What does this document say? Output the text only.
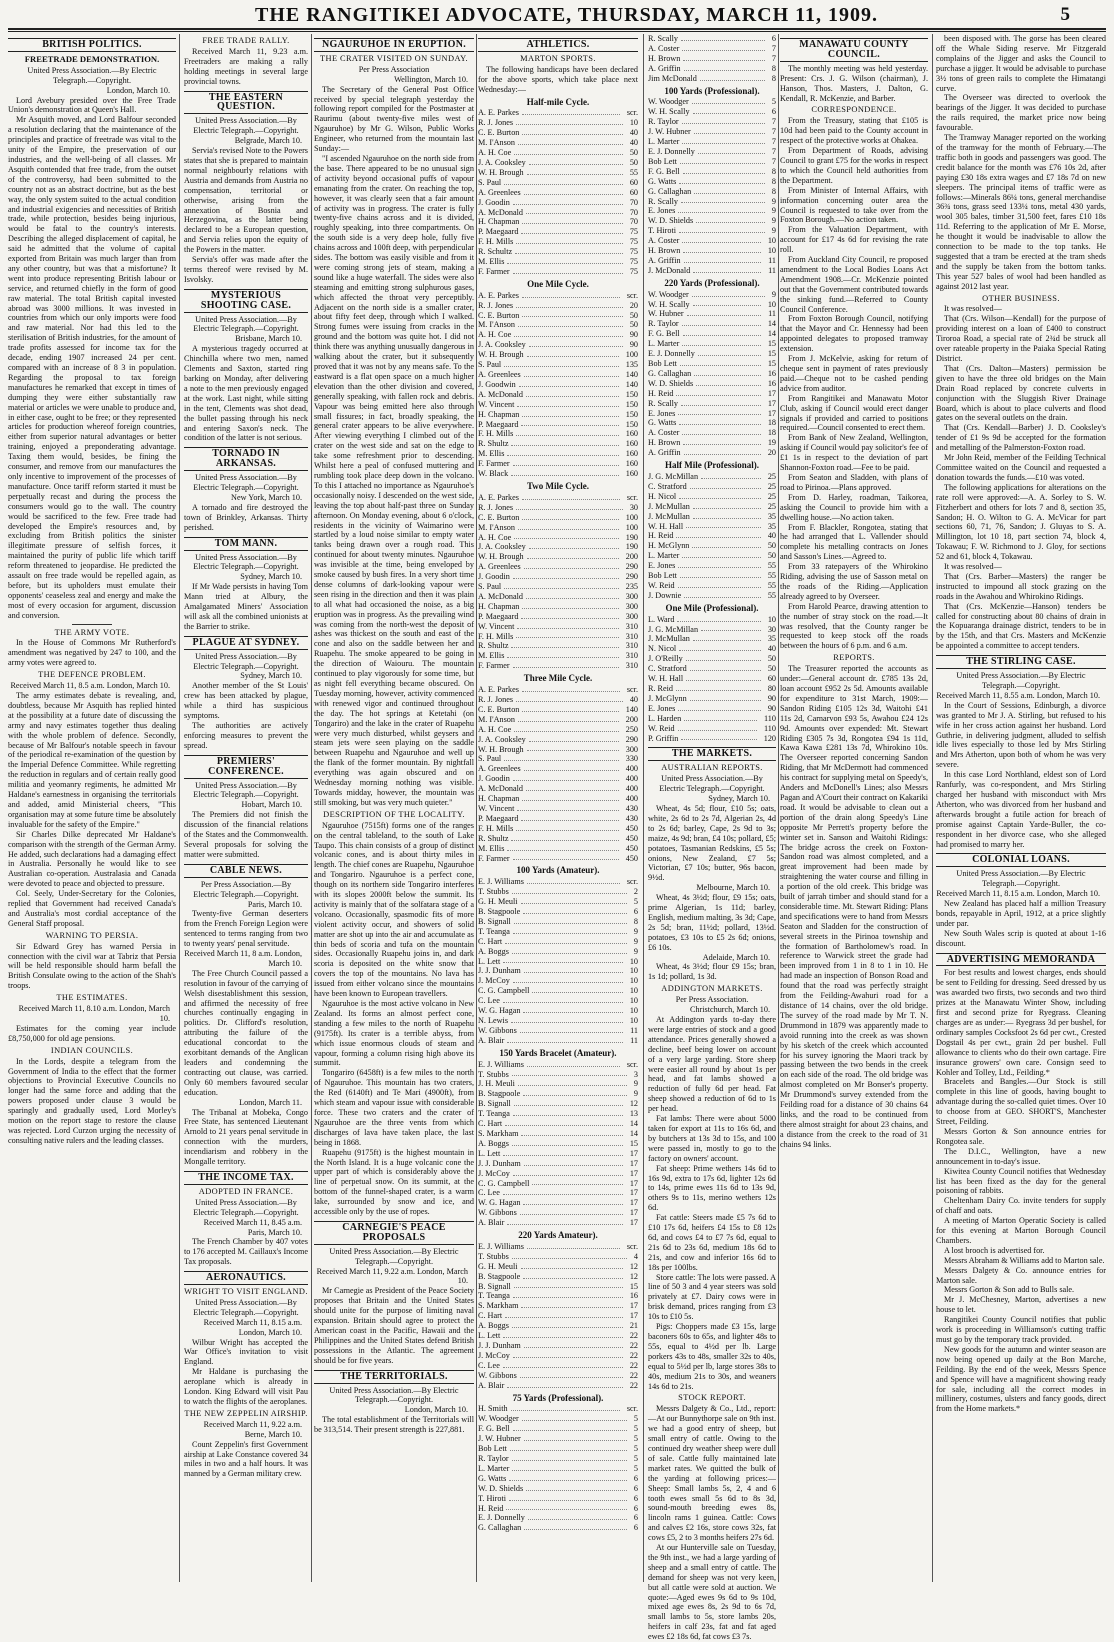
THE RANGITIKEI ADVOCATE, THURSDAY, MARCH 11, 1909.	5
BRITISH POLITICS.
FREETRADE DEMONSTRATION.
United Press Association.—By Electric Telegraph.—Copyright.
London, March 10.

Lord Avebury presided over the Free Trade Union's demonstration at Queen's Hall.

Mr Asquith moved, and Lord Balfour seconded a resolution declaring that the maintenance of the principles and practice of freetrade was vital to the unity of the Empire, the preservation of our industries, and the well-being of all classes. Mr Asquith contended that free trade, from the outset of the controversy, had been submitted to the country not as an abstract doctrine, but as the best way, the only system suited to the actual condition and industrial exigencies and necessities of British trade, while protection, besides being injurious, would be fatal to the country's interests. Describing the alleged displacement of capital, he said he admitted that the volume of capital exported from Britain was much larger than from any other country, but was that a misfortune? It went into produce representing British labour or service, and returned chiefly in the form of good raw material. The total British capital invested abroad was 3000 millions. It was invested in countries from which our only imports were food and raw material. Nor had this led to the sterilisation of British industries, for the amount of trade profits assessed for income tax for the decade, ending 1907 increased 24 per cent. compared with an increase of 8 3 in population. Regarding the proposal to tax foreign manufactures he remarked that except in times of dumping they were either substantially raw material or articles we were unable to produce and, in either case, ought to be free; or they represented articles for production whereof foreign countries, either from superior natural advantages or better training, enjoyed a preponderating advantage. Taxing them would, besides, be fining the consumer, and remove from our manufactures the only incentive to improvement of the processes of manufacture. Once tariff reform started it must be perpetually recast and during the process the consumers would go to the wall. The country would be sacrificed to the few. Free trade had developed the Empire's resources and, by excluding from British politics the sinister illegitimate pressure of selfish forces, it maintained the purity of public life which tariff reform threatened to jeopardise. He predicted the assault on free trade would be repelled again, as before, but its upholders must emulate their opponents' ceaseless zeal and energy and make the most of every occasion for argument, discussion and conversion.

THE ARMY VOTE.

In the House of Commons Mr Rutherford's amendment was negatived by 247 to 100, and the army votes were agreed to.

THE DEFENCE PROBLEM.
Received March 11, 8.5 a.m. London, March 10.

The army estimates debate is revealing, and, doubtless, because Mr Asquith has replied hinted at the possibility at a future date of discussing the army and navy estimates together thus dealing with the whole problem of defence. Secondly, because of Mr Balfour's notable speech in favour of the periodical re-examination of the question by the Imperial Defence Committee. While regretting the reduction in regulars and of certain really good militia and yeomanry regiments, he admitted Mr Haldane's earnestness in organising the territorials and added, amid Ministerial cheers, "This organisation may at some future time be absolutely invaluable for the safety of the Empire."

Sir Charles Dilke deprecated Mr Haldane's comparison with the strength of the German Army. He added, such declarations had a damaging effect in Australia. Personally he would like to see Australian co-operation. Australasia and Canada were devoted to peace and objected to pressure.

Col. Seely, Under-Secretary for the Colonies, replied that Government had received Canada's and Australia's most cordial acceptance of the General Staff proposal.

WARNING TO PERSIA.

Sir Edward Grey has warned Persia in connection with the civil war at Tabriz that Persia will be held responsible should harm befall the British Consulate owing to the action of the Shah's troops.

THE ESTIMATES.
Received March 11, 8.10 a.m. London, March 10.

Estimates for the coming year include £8,750,000 for old age pensions.

INDIAN COUNCILS.

In the Lords, despite a telegram from the Government of India to the effect that the former objections to Provincial Executive Councils no longer had the same force and adding that the powers proposed under clause 3 would be sparingly and gradually used, Lord Morley's motion on the report stage to restore the clause was rejected. Lord Curzon urging the necessity of consulting native rulers and the leading classes.

FREE TRADE RALLY.

Received March 11, 9.23 a.m. Freetraders are making a rally holding meetings in several large provincial towns.

THE EASTERN QUESTION.
United Press Association.—By Electric Telegraph.—Copyright.
Belgrade, March 10.

Servia's revised Note to the Powers states that she is prepared to maintain normal neighbourly relations with Austria and demands from Austria no compensation, territorial or otherwise, arising from the annexation of Bosnia and Herzegovina, as the latter being declared to be a European question, and Servia relies upon the equity of the Powers in the matter.

Servia's offer was made after the terms thereof were revised by M. Isvolsky.

MYSTERIOUS SHOOTING CASE.
United Press Association.—By Electric Telegraph.—Copyright.
Brisbane, March 10.

A mysterious tragedy occurred at Chinchilla where two men, named Clements and Saxton, started ring barking on Monday, after delivering a note to the men previously engaged at the work. Last night, while sitting in the tent, Clements was shot dead, the bullet passing through his neck and entering Saxon's neck. The condition of the latter is not serious.

TORNADO IN ARKANSAS.
United Press Association.—By Electric Telegraph.—Copyright.
New York, March 10.

A tornado and fire destroyed the town of Brinkley, Arkansas. Thirty perished.

TOM MANN.
United Press Association.—By Electric Telegraph.—Copyright.
Sydney, March 10.

If Mr Wade persists in having Tom Mann tried at Albury, the Amalgamated Miners' Association will ask all the combined unionists at the Barrier to strike.

PLAGUE AT SYDNEY.
United Press Association.—By Electric Telegraph.—Copyright.
Sydney, March 10.

Another member of the St Louis' crew has been attacked by plague, while a third has suspicious symptoms.

The authorities are actively enforcing measures to prevent the spread.

PREMIERS' CONFERENCE.
United Press Association.—By Electric Telegraph.—Copyright.
Hobart, March 10.

The Premiers did not finish the discussion of the financial relations of the States and the Commonwealth. Several proposals for solving the matter were submitted.

CABLE NEWS.
Per Press Association.—By Electric Telegraph.—Copyright.
Paris, March 10.

Twenty-five German deserters from the French Foreign Legion were sentenced to terms ranging from two to twenty years' penal servitude.

Received March 11, 8 a.m. London, March 10.

The Free Church Council passed a resolution in favour of the carrying of Welsh disestablishment this session, and affirmed the necessity of free churches continually engaging in politics. Dr. Clifford's resolution, attributing the failure of the educational concordat to the exorbitant demands of the Anglican leaders and condemning the contracting out clause, was carried. Only 60 members favoured secular education.

London, March 11.

The Tribanal at Mobeka, Congo Free State, has sentenced Lieutenant Arnold to 21 years penal servitude in connection with the murders, incendiarism and robbery in the Mongalle territory.

THE INCOME TAX.
ADOPTED IN FRANCE.
United Press Association.—By Electric Telegraph.—Copyright.
Received March 11, 8.45 a.m. Paris, March 10.

The French Chamber by 407 votes to 176 accepted M. Caillaux's Income Tax proposals.

AERONAUTICS.
WRIGHT TO VISIT ENGLAND.
United Press Association.—By Electric Telegraph.—Copyright.
Received March 11, 8.15 a.m. London, March 10.

Wilbur Wright has accepted the War Office's invitation to visit England.

Mr Haldane is purchasing the aeroplane which is already in London. King Edward will visit Pau to watch the flights of the aeroplanes.

THE NEW ZEPPELIN AIRSHIP.
Received March 11, 9.22 a.m. Berne, March 10.

Count Zeppelin's first Government airship at Lake Constance covered 34 miles in two and a half hours. It was manned by a German military crew.

NGAURUHOE IN ERUPTION.
THE CRATER VISITED ON SUNDAY.
Per Press Association
Wellington, March 10.

The Secretary of the General Post Office received by special telegraph yesterday the following report compiled for the Postmaster at Raurimu (about twenty-five miles west of Ngauruhoe) by Mr G. Wilson, Public Works Engineer, who returned from the mountain last Sunday:—

"I ascended Ngauruhoe on the north side from the base. There appeared to be no unusual sign of activity beyond occasional puffs of vapour emanating from the crater. On reaching the top, however, it was clearly seen that a fair amount of activity was in progress. The crater is fully twenty-five chains across and it is divided, roughly speaking, into three compartments. On the south side is a very deep hole, fully five chains across and 100ft deep, with perpendicular sides. The bottom was easily visible and from it were coming strong jets of steam, making a sound like a huge waterfall. The sides were also steaming and emitting strong sulphurous gases, which affected the throat very perceptibly. Adjacent on the north side is a smaller crater, about fifty feet deep, through which I walked. Strong fumes were issuing from cracks in the ground and the bottom was quite hot. I did not think there was anything unusually dangerous in walking about the crater, but it subsequently proved that it was not by any means safe. To the eastward is a flat open space on a much higher elevation than the other division and covered, generally speaking, with fallen rock and debris. Vapour was being emitted here also through small fissures; in fact, broadly speaking, the general crater appears to be alive everywhere. After viewing everything I climbed out of the crater on the west side and sat on the edge to take some refreshment prior to descending. Whilst here a peal of confused muttering and rumbling took place deep down in the volcano. To this I attached no importance as Ngauruhoe's occasionally noisy. I descended on the west side, leaving the top about half-past three on Sunday afternoon. On Monday evening, about 6 o'clock, residents in the vicinity of Waimarino were startled by a loud noise similar to empty water tanks being drawn over a rough road. This continued for about twenty minutes. Ngauruhoe was invisible at the time, being enveloped by smoke caused by bush fires. In a very short time dense columns of dark-looking vapour were seen rising in the direction and then it was plain to all what had occasioned the noise, as a big eruption was in progress. As the prevailing wind was coming from the north-west the deposit of ashes was thickest on the south and east of the cone and also on the saddle between her and Ruapehu. The smoke appeared to be going in the direction of Waiouru. The mountain continued to play vigorously for some time, but as night fell everything became obscured. On Tuesday morning, however, activity commenced with renewed vigor and continued throughout the day. The hot springs at Ketetahi (on Tongariro) and the lake in the crater of Ruapehu were very much disturbed, whilst geysers and steam jets were seen playing on the saddle between Ruapehu and Ngauruhoe and well up the flank of the former mountain. By nightfall everything was again obscured and on Wednesday morning nothing was visible. Towards midday, however, the mountain was still smoking, but was very much quieter."

DESCRIPTION OF THE LOCALITY.

Ngauruhoe (7515ft) forms one of the ranges on the central tableland, to the south of Lake Taupo. This chain consists of a group of distinct volcanic cones, and is about thirty miles in length. The chief cones are Ruapehu, Ngauruhoe and Tongariro. Ngauruhoe is a perfect cone, though on its northern side Tongariro interferes with its slopes 2000ft below the summit. Its activity is mainly that of the solfatara stage of a volcano. Occasionally, spasmodic fits of more violent activity occur, and showers of solid matter are shot up into the air and accumulate as thin beds of scoria and tufa on the mountain sides. Occasionally Ruapehu joins in, and dark scoria is deposited on the white snow that covers the top of the mountains. No lava has issued from either volcano since the mountains have been known to European travellers.

Ngauruhoe is the most active volcano in New Zealand. Its forms an almost perfect cone, standing a few miles to the north of Ruapehu (9175ft). Its crater is a terrible abyss, from which issue enormous clouds of steam and vapour, forming a column rising high above its summit.

Tongariro (6458ft) is a few miles to the north of Ngauruhoe. This mountain has two craters, the Red (6140ft) and Te Mari (4900ft), from which steam and vapour issue with considerable force. These two craters and the crater of Ngauruhoe are the three vents from which discharges of lava have taken place, the last being in 1868.

Ruapehu (9175ft) is the highest mountain in the North Island. It is a huge volcanic cone the upper part of which is considerably above the line of perpetual snow. On its summit, at the bottom of the funnel-shaped crater, is a warm lake, surrounded by snow and ice, and accessible only by the use of ropes.

CARNEGIE'S PEACE PROPOSALS
United Press Association.—By Electric Telegraph.—Copyright.
Received March 11, 9.22 a.m. London, March 10.

Mr Carnegie as President of the Peace Society proposes that Britain and the United States should unite for the purpose of limiting naval expansion. Britain should agree to protect the American coast in the Pacific, Hawaii and the Philippines and the United States defend British possessions in the Atlantic. The agreement should be for five years.

THE TERRITORIALS.
United Press Association.—By Electric Telegraph.—Copyright.
London, March 10.

The total establishment of the Territorials will be 313,514. Their present strength is 227,881.

ATHLETICS.
MARTON SPORTS.

The following handicaps have been declared for the above sports, which take place next Wednesday:—

Half-mile Cycle.
A. E. Parkes	scr.
R. J. Jones	10
C. E. Burton	40
M. I'Anson	40
A. H. Coe	50
J. A. Cooksley	50
W. H. Brough	55
S. Paul	60
A. Greenlees	60
J. Goodin	70
A. McDonald	70
H. Chapman	70
P. Maegaard	75
F. H. Mills	75
R. Schultz	75
M. Ellis	75
F. Farmer	75
One Mile Cycle.
A. E. Parkes	scr.
R. J. Jones	20
C. E. Burton	50
M. I'Anson	50
A. H. Coe	90
J. A. Cooksley	90
W. H. Brough	100
S. Paul	135
A. Greenlees	140
J. Goodwin	140
A. McDonald	150
W. Vincent	150
H. Chapman	150
P. Maegaard	150
F. H. Mills	160
R. Shultz	160
M. Ellis	160
F. Farmer	160
W. Black	160
Two Mile Cycle.
A. E. Parkes	scr.
R. J. Jones	30
C. E. Burton	100
M. I'Anson	100
A. H. Coe	190
J. A. Cooksley	190
W. H. Brough	200
A. Greenlees	290
J. Goodin	290
S. Paul	235
A. McDonald	300
H. Chapman	300
P. Maegaard	300
W. Vincent	310
F. H. Mills	310
R. Shultz	310
M. Ellis	310
F. Farmer	310
Three Mile Cycle.
A. E. Parkes	scr.
R. J. Jones	40
C. E. Burton	140
M. I'Anson	200
A. H. Coe	250
J. A. Cooksley	290
W. H. Brough	300
S. Paul	330
A. Greenlees	400
J. Goodin	400
A. McDonald	400
H. Chapman	400
W. Vincent	430
P. Maegaard	430
F. H. Mills	450
R. Shultz	450
M. Ellis	450
F. Farmer	450
100 Yards (Amateur).
E. J. Williams	scr.
T. Stubbs	2
G. H. Meuli	5
B. Stagpoole	6
B. Signall	8
T. Teanga	9
C. Hart	9
A. Boggs	9
L. Lett	10
J. J. Dunham	10
J. McCoy	10
C. G. Campbell	10
C. Lee	10
W. G. Hagan	10
N. Lewis	10
W. Gibbons	11
A. Blair	11
150 Yards Bracelet (Amateur).
E. J. Williams	scr.
T. Stubbs	3
J. H. Meuli	9
B. Stagpoole	9
B. Signall	12
T. Teanga	13
C. Hart	14
S. Markham	14
A. Boggs	15
L. Lett	17
J. J. Dunham	17
J. McCoy	17
C. G. Campbell	17
C. Lee	17
W. G. Hagan	17
W. Gibbons	17
A. Blair	17
220 Yards Amateur).
E. J. Williams	scr.
T. Stubbs	4
G. H. Meuli	12
B. Stagpoole	12
B. Signall	15
T. Teanga	16
S. Markham	17
C. Hart	17
A. Boggs	21
L. Lett	22
J. J. Dunham	22
J. McCoy	22
C. Lee	22
W. Gibbons	22
A. Blair	22
75 Yards (Professional).
H. Smith	scr.
W. Woodger	5
F. G. Bell	5
J. W. Hubner	5
Bob Lett	5
R. Taylor	5
L. Marter	5
G. Watts	6
W. D. Shields	6
T. Hiroti	6
H. Reid	6
E. J. Donnelly	6
G. Callaghan	6
R. Scally	6
A. Coster	7
H. Brown	7
A. Griffin	8
Jim McDonald	8
100 Yards (Professional).
W. Woodger	5
W. H. Scally	6
R. Taylor	7
J. W. Hubner	7
L. Marter	7
E. J. Donnelly	7
Bob Lett	7
F. G. Bell	8
G. Watts	8
G. Callaghan	8
R. Scally	9
E. Jones	9
W. D. Shields	9
T. Hiroti	9
A. Coster	10
H. Brown	10
A. Griffin	11
J. McDonald	11
220 Yards (Professional).
W. Woodger	9
W. H. Scally	10
W. Hubner	11
R. Taylor	14
F. G. Bell	14
L. Marter	15
E. J. Donnelly	15
Bob Lett	15
G. Callaghan	16
W. D. Shields	16
H. Reid	17
R. Scally	17
E. Jones	17
G. Watts	18
A. Coster	18
H. Brown	19
A. Griffin	20
Half Mile (Professional).
J. G. McMillan	25
C. Stratford	25
H. Nicol	25
J. McMullan	25
J. McMullan	35
W. H. Hall	35
H. Reid	40
H. McGlynn	50
L. Marter	50
E. Jones	55
Bob Lett	55
W. Reid	55
J. Downie	55
One Mile (Professional).
L. Ward	10
J. G. McMillan	30
J. McMullan	35
N. Nicol	40
J. O'Reilly	50
C. Stratford	50
W. H. Hall	60
R. Reid	80
J. McGlynn	90
E. Jones	90
L. Harden	110
W. Reid	110
P. Griffin	120
THE MARKETS.
AUSTRALIAN REPORTS.
United Press Association.—By Electric Telegraph.—Copyright.
Sydney, March 10.

Wheat, 4s 5d; flour, £10 5s; oats, white, 2s 6d to 2s 7d, Algerian 2s, 4d to 2s 6d; barley, Cape, 2s 9d to 3s; maize, 4s 9d; bran, £4 10s; pollard, £5; potatoes, Tasmanian Redskins, £5 5s; onions, New Zealand, £7 5s; Victorian, £7 10s; butter, 96s bacon, 9½d.

Melbourne, March 10.

Wheat, 4s 3½d; flour, £9 15s; oats, prime Algerian, 1s 11d; barley, English, medium malting, 3s 3d; Cape, 2s 5d; bran, 11½d; pollard, 13½d. potatoes, £3 10s to £5 2s 6d; onions, £6 10s.

Adelaide, March 10.

Wheat, 4s 3½d; flour £9 15s; bran, 1s 1d; pollard, 1s 3d.

ADDINGTON MARKETS.
Per Press Association.
Christchurch, March 10.

At Addington yards to-day there were large entries of stock and a good attendance. Prices generally showed a decline, beef being lower on account of a very large yarding. Store sheep were easier all round by about 1s per head, and fat lambs showed a reduction of fully 6d per head. Fat sheep showed a reduction of 6d to 1s per head.

Fat lambs: There were about 5000 taken for export at 11s to 16s 6d, and by butchers at 13s 3d to 15s, and 100 were passed in, mostly to go to the factory on owners' account.

Fat sheep: Prime wethers 14s 6d to 16s 9d, extra to 17s 6d, lighter 12s 6d to 14s, prime ewes 11s 6d to 13s 9d, others 9s to 11s, merino wethers 12s 6d.

Fat cattle: Steers made £5 7s 6d to £10 17s 6d, heifers £4 15s to £8 12s 6d, and cows £4 to £7 7s 6d, equal to 21s 6d to 23s 6d, medium 18s 6d to 21s, and cow and inferior 16s 6d to 18s per 100lbs.

Store cattle: The lots were passed. A line of 50 3 and 4 year steers was sold privately at £7. Dairy cows were in brisk demand, prices ranging from £3 10s to £10 5s.

Pigs: Choppers made £3 15s, large baconers 60s to 65s, and lighter 48s to 55s, equal to 4½d per lb. Large porkers 43s to 48s, smaller 32s to 40s, equal to 5½d per lb, large stores 38s to 40s, medium 21s to 30s, and weaners 14s 6d to 21s.

STOCK REPORT.

Messrs Dalgety & Co., Ltd., report:—At our Bunnythorpe sale on 9th inst. we had a good entry of sheep, but small entry of cattle. Owing to the continued dry weather sheep were dull of sale. Cattle fully maintained late market rates. We quitted the bulk of the yarding at following prices:—Sheep: Small lambs 5s, 2, 4 and 6 tooth ewes small 5s 6d to 8s 3d, sound-mouth breeding ewes 8s, lincoln rams 1 guinea. Cattle: Cows and calves £2 16s, store cows 32s, fat cows £5, 2 to 3 months heifers 27s 6d.

At our Hunterville sale on Tuesday, the 9th inst., we had a large yarding of sheep and a small entry of cattle. The demand for sheep was not very keen, but all cattle were sold at auction. We quote:—Aged ewes 9s 6d to 9s 10d, mixed age ewes 8s, 2s 9d to 6s 7d, small lambs to 5s, store lambs 20s, heifers in calf 23s, fat and fat aged ewes £2 18s 6d, fat cows £3 7s.

MANAWATU COUNTY COUNCIL.

The monthly meeting was held yesterday. Present: Crs. J. G. Wilson (chairman), J. Hanson, Thos. Masters, J. Dalton, G. Kendall, R. McKenzie, and Barber.

CORRESPONDENCE.

From the Treasury, stating that £105 is 10d had been paid to the County account in respect of the protective works at Ohakea.

From Department of Roads, advising Council to grant £75 for the works in respect to which the Council held authorities from the Department.

From Minister of Internal Affairs, with information concerning outer area the Council is requested to take over from the Foxton Borough.—No action taken.

From the Valuation Department, with account for £17 4s 6d for revising the rate roll.

From Auckland City Council, re proposed amendment to the Local Bodies Loans Act Amendment 1908.—Cr. McKenzie pointed out that the Government contributed towards the sinking fund.—Referred to County Council Conference.

From Foxton Borough Council, notifying that the Mayor and Cr. Hennessy had been appointed delegates to proposed tramway extension.

From J. McKelvie, asking for return of cheque sent in payment of rates previously paid.—Cheque not to be cashed pending advice from auditor.

From Rangitikei and Manawatu Motor Club, asking if Council would erect danger signals if provided and carried to positions required.—Council consented to erect them.

From Bank of New Zealand, Wellington, asking if Council would pay solicitor's fee of £1 1s in respect to the deviation of part Shannon-Foxton road.—Fee to be paid.

From Seaton and Sladden, with plans of road to Pirinoa.—Plans approved.

From D. Harley, roadman, Taikorea, asking the Council to provide him with a dwelling house.—No action taken.

From F. Blackler, Rongotea, stating that he had arranged that L. Vallender should complete his metalling contracts on Jones and Sasson's Lines.—Agreed to.

From 33 ratepayers of the Whirokino Riding, advising the use of Sasson metal on the roads of the Riding.—Application already agreed to by Overseer.

From Harold Pearce, drawing attention to the number of stray stock on the road.—It was resolved, that the County ranger be requested to keep stock off the roads between the hours of 6 p.m. and 6 a.m.

REPORTS.

The Treasurer reported the accounts as under:—General account dr. £785 13s 2d, loan account £952 2s 5d. Amounts available for expenditure to 31st March, 1909:—Sandon Riding £105 12s 3d, Waitohi £41 11s 2d, Carnarvon £93 5s, Awahou £24 12s 9d. Amounts over expended: Mt. Stewart Riding £305 7s 3d, Rongotea £94 1s 11d, Kawa Kawa £281 13s 7d, Whirokino 10s. The Overseer reported concerning Sandon Riding, that Mr McDermott had commenced his contract for supplying metal on Speedy's, Anders and McDonell's Lines; also Messrs Pagan and A'Court their contract on Kakariki road. It would be advisable to clean out a portion of the drain along Speedy's Line opposite Mr Perrett's property before the winter set in. Sanson and Waitohi Ridings: The bridge across the creek on Foxton-Sandon road was almost completed, and a great improvement had been made by straightening the water course and filling in a portion of the old creek. This bridge was built of jarrah timber and should stand for a considerable time. Mt. Stewart Riding: Plans and specifications were to hand from Messrs Seaton and Sladden for the construction of several streets in the Pirinoa township and the formation of Bartholomew's road. In reference to Warwick street the grade had been improved from 1 in 8 to 1 in 10. He had made an inspection of Bonson Road and found that the road was perfectly straight from the Feilding-Awahuri road for a distance of 14 chains, over the old bridge. The survey of the road made by Mr T. N. Drummond in 1879 was apparently made to avoid running into the creek as was shown by his sketch of the creek which accounted for his survey ignoring the Maori track by passing between the two bends in the creek on each side of the road. The old bridge was almost completed on Mr Bonser's property. Mr Drummond's survey extended from the Feilding road for a distance of 30 chains 64 links, and the road to be continued from there almost straight for about 23 chains, and a distance from the creek to the road of 31 chains 94 links.

been disposed with. The gorse has been cleared off the Whale Siding reserve. Mr Fitzgerald complains of the Jigger and asks the Council to purchase a jigger. It would be advisable to purchase 3½ tons of green rails to complete the Himatangi curve.

The Overseer was directed to overlook the bearings of the Jigger. It was decided to purchase the rails required, the market price now being favourable.

The Tramway Manager reported on the working of the tramway for the month of February.—The traffic both in goods and passengers was good. The credit balance for the month was £76 10s 2d, after paying £30 18s extra wages and £7 18s 7d on new sleepers. The principal items of traffic were as follows:—Minerals 86¼ tons, general merchandise 36¾ tons, grass seed 133¼ tons, metal 430 yards, wool 305 bales, timber 31,500 feet, fares £10 18s 11d. Referring to the application of Mr E. Morse, he thought it would be inadvisable to allow the connection to be made to the top tanks. He suggested that a tram be erected at the tram sheds and the supply be taken from the bottom tanks. This year 527 bales of wool had been handled as against 2012 last year.

OTHER BUSINESS.

It was resolved—

That (Crs. Wilson—Kendall) for the purpose of providing interest on a loan of £400 to construct Tiroroa Road, a special rate of 2¾d be struck all over rateable property in the Paiaka Special Rating District.

That (Crs. Dalton—Masters) permission be given to have the three old bridges on the Main Drain Road replaced by concrete culverts in conjunction with the Sluggish River Drainage Board, which is about to place culverts and flood gates on the several outlets on the drain.

That (Crs. Kendall—Barber) J. D. Cooksley's tender of £1 9s 9d be accepted for the formation and metalling of the Palmerston-Foxton road.

Mr John Reid, member of the Feilding Technical Committee waited on the Council and requested a donation towards the funds.—£10 was voted.

The following applications for alterations on the rate roll were approved:—A. A. Sorley to S. W. Fitzherbert and others for lots 7 and 8, section 35, Sandon; H. O. Wilton to G. A. McVicar for part sections 60, 71, 76, Sandon; J. Gluyas to S. A. Millington, lot 10 18, part section 74, block 4, Tokawau; F. W. Richmond to J. Gloy, for sections 52 and 61, block 4, Tokawau.

It was resolved—

That (Crs. Barber—Masters) the ranger be instructed to impound all stock grazing on the roads in the Awahou and Whirokino Ridings.

That (Crs. McKenzie—Hanson) tenders be called for constructing about 80 chains of drain in the Kopuaranga drainage district, tenders to be in by the 15th, and that Crs. Masters and McKenzie be appointed a committee to accept tenders.

THE STIRLING CASE.
United Press Association.—By Electric Telegraph.—Copyright.
Received March 11, 8.55 a.m. London, March 10.

In the Court of Sessions, Edinburgh, a divorce was granted to Mr J. A. Stirling, but refused to his wife in her cross action against her husband. Lord Guthrie, in delivering judgment, alluded to selfish idle lives especially to those led by Mrs Stirling and Mrs Atherton, upon both of whom he was very severe.

In this case Lord Northland, eldest son of Lord Ranfurly, was co-respondent, and Mrs Stirling charged her husband with misconduct with Mrs Atherton, who was divorced from her husband and afterwards brought a futile action for breach of promise against Captain Yarde-Buller, the co-respondent in her divorce case, who she alleged had promised to marry her.

COLONIAL LOANS.
United Press Association.—By Electric Telegraph.—Copyright.
Received March 11, 8.15 a.m. London, March 10.

New Zealand has placed half a million Treasury bonds, repayable in April, 1912, at a price slightly under par.

New South Wales scrip is quoted at about 1-16 discount.

ADVERTISING MEMORANDA

For best results and lowest charges, ends should be sent to Feilding for dressing. Seed dressed by us was awarded two firsts, two seconds and two third prizes at the Manawatu Winter Show, including first and second prize for Ryegrass. Cleaning charges are as under:— Ryegrass 3d per bushel, for ordinary samples Cocksfoot 2s 6d per cwt., Crested Dogstail 4s per cwt., grain 2d per bushel. Full allowance to clients who do their own cartage. Fire insurance growers' own care. Consign seed to Kohler and Tolley, Ltd., Feilding.*

Bracelets and Bangles.—Our Stock is still complete in this line of goods, having bought to advantage during the so-called quiet times. Over 10 to choose from at GEO. SHORT'S, Manchester Street, Feilding.

Messrs Gorton & Son announce entries for Rongotea sale.

The D.I.C., Wellington, have a new announcement in to-day's issue.

Kiwitea County Council notifies that Wednesday list has been fixed as the day for the general poisoning of rabbits.

Cheltenham Dairy Co. invite tenders for supply of chaff and oats.

A meeting of Marton Operatic Society is called for this evening at Marton Borough Council Chambers.

A lost brooch is advertised for.

Messrs Abraham & Williams add to Marton sale.

Messrs Dalgety & Co. announce entries for Marton sale.

Messrs Gorton & Son add to Bulls sale.

Mr J. McChesney, Marton, advertises a new house to let.

Rangitikei County Council notifies that public work is proceeding in Williamson's cutting traffic must go by the temporary track provided.

New goods for the autumn and winter season are now being opened up daily at the Bon Marche, Feilding. By the end of the week, Messrs Spence and Spence will have a magnificent showing ready for sale, including all the correct modes in millinery, costumes, ulsters and fancy goods, direct from the Home markets.*
